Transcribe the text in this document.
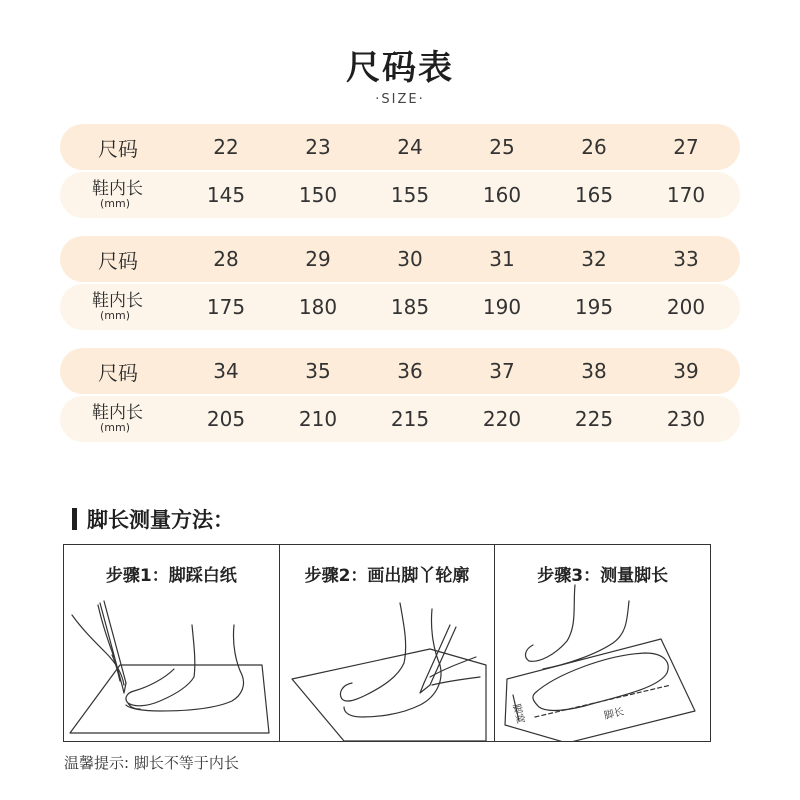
尺码表
·SIZE·
尺码	22	23	24	25	26	27
鞋内长
(mm)	145	150	155	160	165	170
尺码	28	29	30	31	32	33
鞋内长
(mm)	175	180	185	190	195	200
尺码	34	35	36	37	38	39
鞋内长
(mm)	205	210	215	220	225	230
脚长测量方法：
步骤1：脚踩白纸	步骤2：画出脚丫轮廓	步骤3：测量脚长
脚宽	脚长
温馨提示: 脚长不等于内长
